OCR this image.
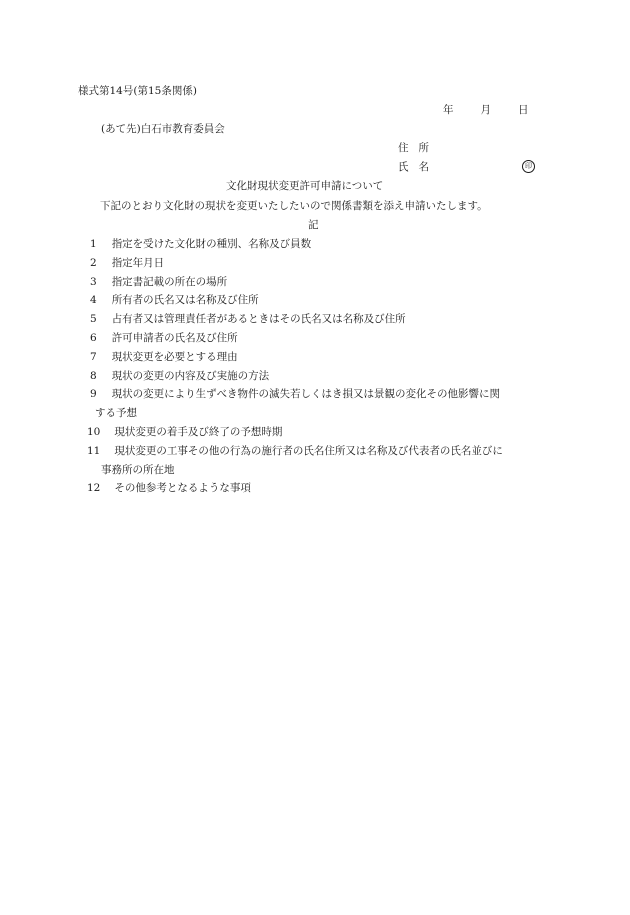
様式第14号(第15条関係)
年	月	日
(あて先)白石市教育委員会
住 所
氏 名	印
文化財現状変更許可申請について
下記のとおり文化財の現状を変更いたしたいので関係書類を添え申請いたします。
記
1 指定を受けた文化財の種別、名称及び員数
2 指定年月日
3 指定書記載の所在の場所
4 所有者の氏名又は名称及び住所
5 占有者又は管理責任者があるときはその氏名又は名称及び住所
6 許可申請者の氏名及び住所
7 現状変更を必要とする理由
8 現状の変更の内容及び実施の方法
9 現状の変更により生ずべき物件の滅失若しくはき損又は景観の変化その他影響に関
する予想
10 現状変更の着手及び終了の予想時期
11 現状変更の工事その他の行為の施行者の氏名住所又は名称及び代表者の氏名並びに
事務所の所在地
12 その他参考となるような事項
